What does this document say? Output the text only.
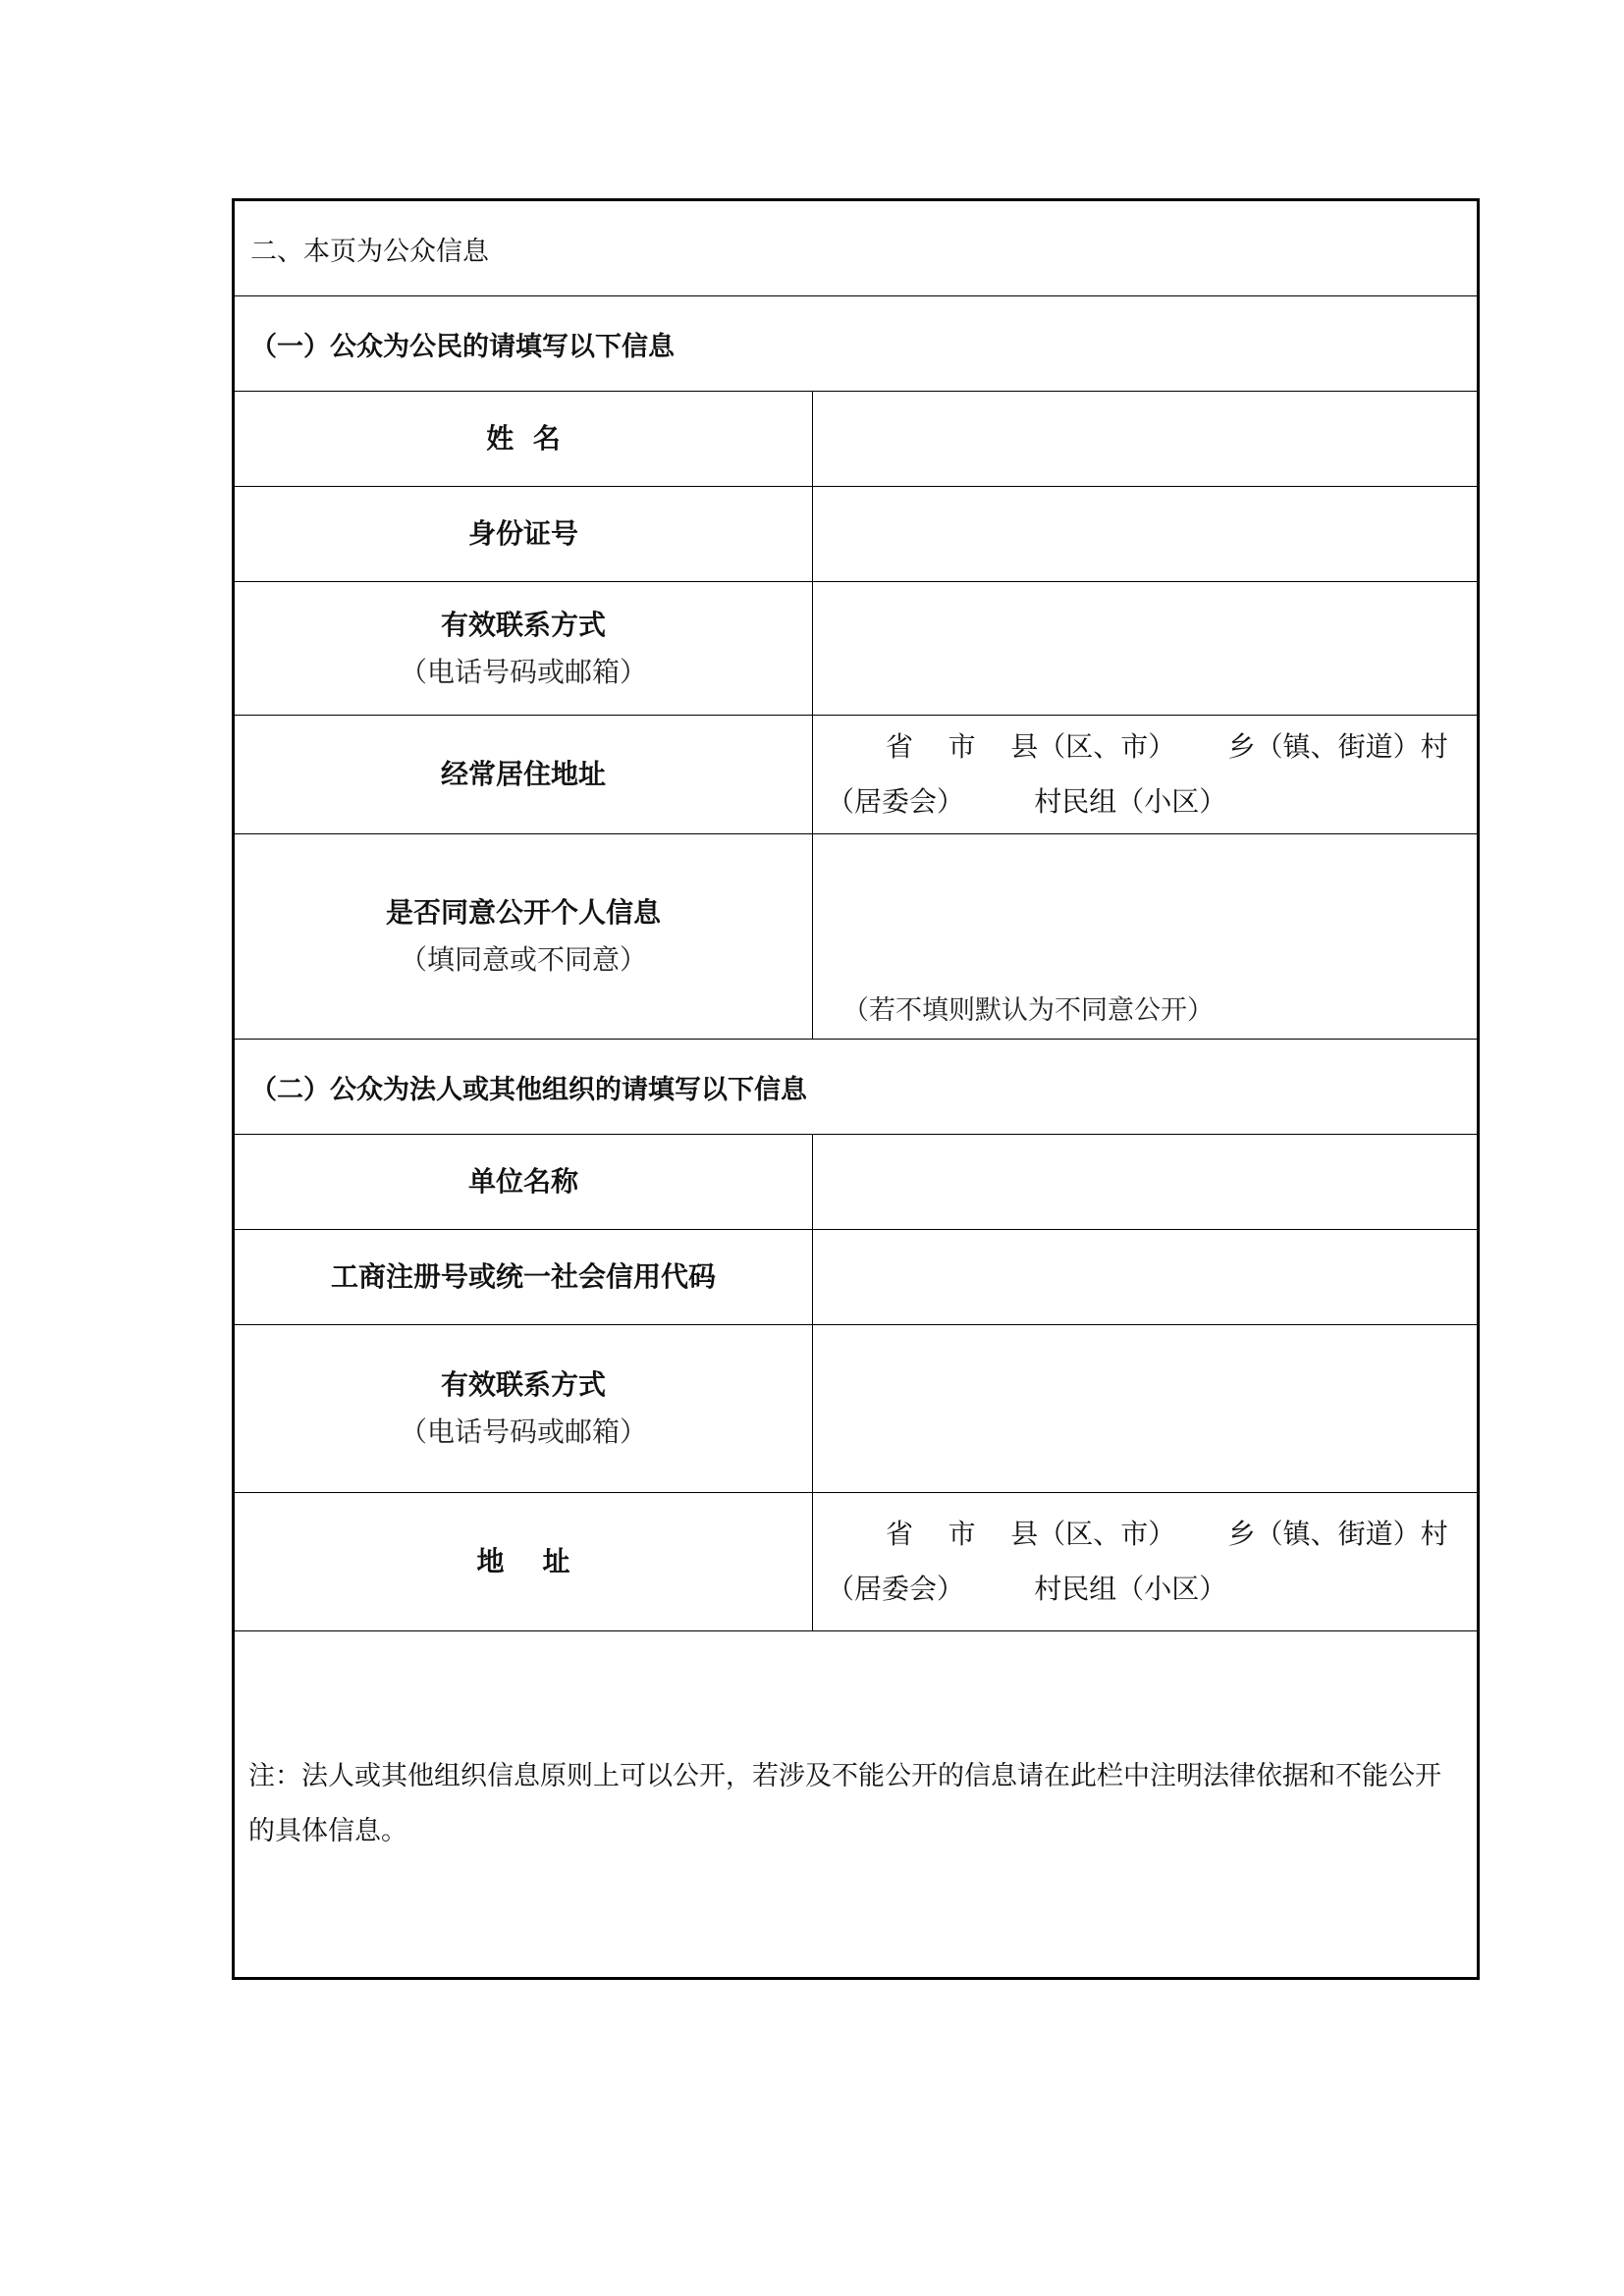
二、本页为公众信息	
（一）公众为公民的请填写以下信息	

姓  名	

身份证号	

有效联系方式
（电话号码或邮箱）	

经常居住地址	省    市    县（区、市）      乡（镇、街道）村
（居委会）        村民组（小区）

是否同意公开个人信息
（填同意或不同意）	（若不填则默认为不同意公开）

（二）公众为法人或其他组织的请填写以下信息	

单位名称	

工商注册号或统一社会信用代码	

有效联系方式
（电话号码或邮箱）	

地    址	省    市    县（区、市）      乡（镇、街道）村
（居委会）        村民组（小区）

注：法人或其他组织信息原则上可以公开，若涉及不能公开的信息请在此栏中注明法律依据和不能公开的具体信息。	
